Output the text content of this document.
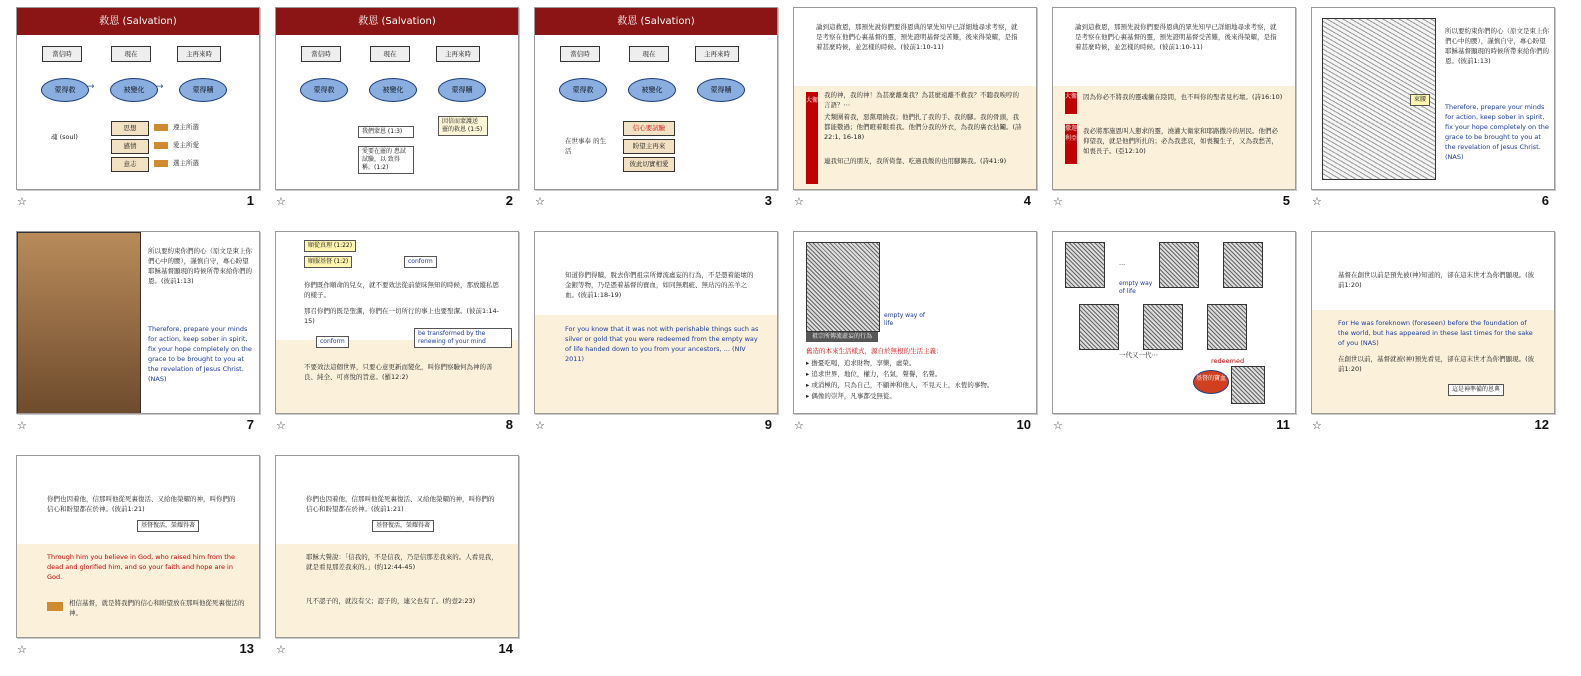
救恩 (Salvation)
當信時	現在	主再來時
蒙得救	被變化	蒙得贖
→	→
魂 (soul)
思想
感情
意志
遵主所選
愛主所愛
選主所選
☆	1
救恩 (Salvation)
當信時	現在	主再來時
蒙得救	被變化	蒙得贖
我們蒙恩 (1:3)
因信而蒙護送 靈的救恩 (1:5)
愛要在靈的 患試試驗，以 致得稱。(1:2)
☆	2
救恩 (Salvation)
當信時	現在	主再來時
蒙得救	被變化	蒙得贖
在世事奉 的生活
信心要試驗
盼望主再來
彼此切實相愛
☆	3
論到這救恩，那預先說你們要得恩典的眾先知早已詳細地尋求考察，就是考察在他們心裏基督的靈，預先證明基督受苦難，後來得榮耀，是指着甚麼時候，並怎樣的時候。(彼前1:10-11)
大衛
我的神，我的神！為甚麼離棄我？為甚麼遠離不救我？不聽我唉哼的言語？⋯
犬類圍着我，惡黨環繞我；他們扎了我的手、我的腳。我的骨頭，我都能數過；他們瞪着眼看我。他們分我的外衣，為我的裏衣拈鬮。(詩22:1, 16-18)
連我知己的朋友，我所倚靠、吃過我飯的也用腳踢我。(詩41:9)
☆	4
論到這救恩，那預先說你們要得恩典的眾先知早已詳細地尋求考察，就是考察在他們心裏基督的靈，預先證明基督受苦難，後來得榮耀，是指着甚麼時候，並怎樣的時候。(彼前1:10-11)
大衛
撒迦利亞
因為你必不將我的靈魂撇在陰間，也不叫你的聖者見朽壞。(詩16:10)
我必將那施恩叫人懇求的靈，澆灌大衛家和耶路撒冷的居民。他們必仰望我，就是他們所扎的；必為我悲哀，如喪獨生子，又為我愁苦，如喪長子。(亞12:10)
☆	5
束腰
所以要約束你們的心（原文是束上你們心中的腰），謹慎自守，專心盼望耶穌基督顯現的時候所帶來給你們的恩。(彼前1:13)
Therefore, prepare your minds for action, keep sober in spirit, fix your hope completely on the grace to be brought to you at the revelation of Jesus Christ. (NAS)
☆	6
所以要約束你們的心（原文是束上你們心中的腰），謹慎自守，專心盼望耶穌基督顯現的時候所帶來給你們的恩。(彼前1:13)
Therefore, prepare your minds for action, keep sober in spirit, fix your hope completely on the grace to be brought to you at the revelation of Jesus Christ. (NAS)
☆	7
順從真理 (1:22)
順服基督 (1:2)	conform
你們既作順命的兒女，就不要效法從前蒙昧無知的時候，那放縱私慾的樣子。
那召你們的既是聖潔，你們在一切所行的事上也要聖潔。(彼前1:14-15)
be transformed by the renewing of your mind
conform
不要效法這個世界，只要心意更新而變化，叫你們察驗何為神的善良、純全、可喜悅的旨意。(羅12:2)
☆	8
知道你們得贖，脫去你們祖宗所傳流虛妄的行為，不是憑着能壞的金銀等物，乃是憑着基督的寶血，如同無瑕疵、無玷污的羔羊之血。(彼前1:18-19)
For you know that it was not with perishable things such as silver or gold that you were redeemed from the empty way of life handed down to you from your ancestors, ... (NIV 2011)
☆	9
empty way of life
祖宗所傳流虛妄的行為
舊造的本來生活樣式，源自於無根的生活主義：
▸ 擔憂吃喝，追求財物，享樂，虛榮。
▸ 追求世界，地位，權力，名氣，聲譽，名聲。
▸ 或消極的，只為自己，不顧神和他人，不見天上，永恆的事物。
▸ 偶像的崇拜，凡事都受無從。
☆	10
...
empty way of life
一代又一代⋯
redeemed
基督的寶血
☆	11
基督在創世以前是預先被(神)知道的，卻在這末世才為你們顯現。(彼前1:20)
For He was foreknown (foreseen) before the foundation of the world, but has appeared in these last times for the sake of you (NAS)
在創世以前，基督就被(神)預先看見，卻在這末世才為你們顯現。(彼前1:20)
這是神準備的恩典
☆	12
你們也因着他，信那叫他從死裏復活、又給他榮耀的神，叫你們的信心和盼望都在於神。(彼前1:21)
基督復活，榮耀得著
Through him you believe in God, who raised him from the dead and glorified him, and so your faith and hope are in God.
相信基督，就是將我們的信心和盼望放在那叫他從死裏復活的神。
☆	13
你們也因着他，信那叫他從死裏復活、又給他榮耀的神，叫你們的信心和盼望都在於神。(彼前1:21)
基督復活，榮耀得著
耶穌大聲說：「信我的，不是信我，乃是信那差我來的。人看見我，就是看見那差我來的。」(約12:44-45)
凡不認子的，就沒有父；認子的，連父也有了。(約壹2:23)
☆	14
